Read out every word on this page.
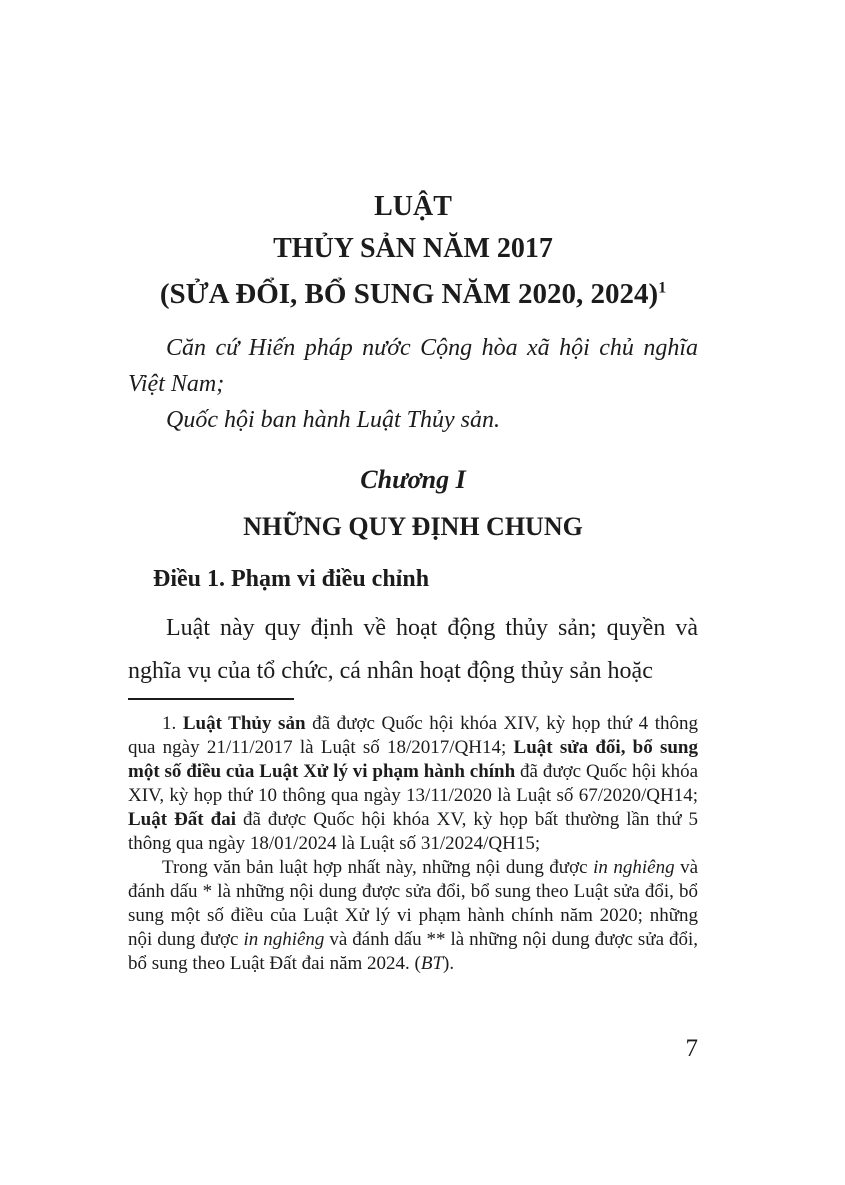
LUẬT
THỦY SẢN NĂM 2017
(SỬA ĐỔI, BỔ SUNG NĂM 2020, 2024)$^1$

Căn cứ Hiến pháp nước Cộng hòa xã hội chủ nghĩa Việt Nam;

Quốc hội ban hành Luật Thủy sản.

Chương I
NHỮNG QUY ĐỊNH CHUNG
Điều 1. Phạm vi điều chỉnh

Luật này quy định về hoạt động thủy sản; quyền và nghĩa vụ của tổ chức, cá nhân hoạt động thủy sản hoặc

1. Luật Thủy sản đã được Quốc hội khóa XIV, kỳ họp thứ 4 thông qua ngày 21/11/2017 là Luật số 18/2017/QH14; Luật sửa đổi, bổ sung một số điều của Luật Xử lý vi phạm hành chính đã được Quốc hội khóa XIV, kỳ họp thứ 10 thông qua ngày 13/11/2020 là Luật số 67/2020/QH14; Luật Đất đai đã được Quốc hội khóa XV, kỳ họp bất thường lần thứ 5 thông qua ngày 18/01/2024 là Luật số 31/2024/QH15;

Trong văn bản luật hợp nhất này, những nội dung được in nghiêng và đánh dấu * là những nội dung được sửa đổi, bổ sung theo Luật sửa đổi, bổ sung một số điều của Luật Xử lý vi phạm hành chính năm 2020; những nội dung được in nghiêng và đánh dấu ** là những nội dung được sửa đổi, bổ sung theo Luật Đất đai năm 2024. (BT).

7
